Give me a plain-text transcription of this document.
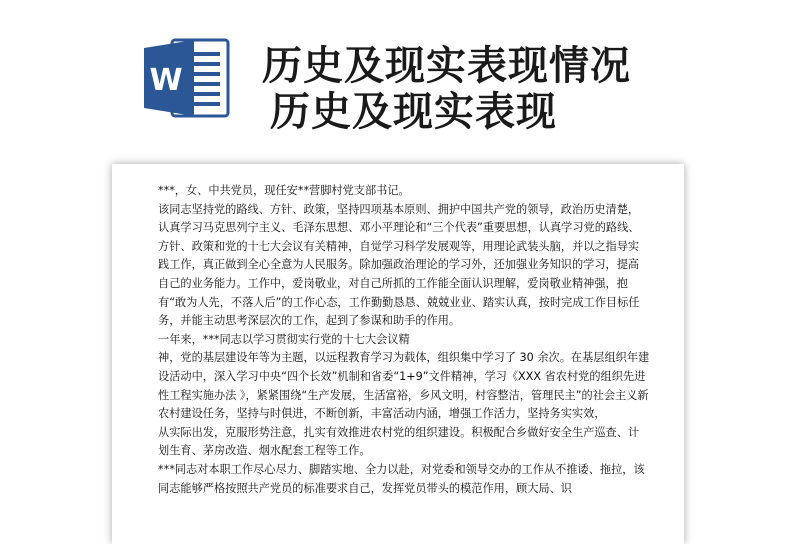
W 历史及现实表现情况
历史及现实表现

***，女、中共党员，现任安**营脚村党支部书记。

该同志坚持党的路线、方针、政策，坚持四项基本原则、拥护中国共产党的领导，政治历史清楚，认真学习马克思列宁主义、毛泽东思想、邓小平理论和“三个代表”重要思想，认真学习党的路线、方针、政策和党的十七大会议有关精神，自觉学习科学发展观等，用理论武装头脑，并以之指导实践工作，真正做到全心全意为人民服务。除加强政治理论的学习外，还加强业务知识的学习，提高自己的业务能力。工作中，爱岗敬业，对自己所抓的工作能全面认识理解，爱岗敬业精神强，抱有“敢为人先，不落人后”的工作心态，工作勤勤恳恳、兢兢业业、踏实认真，按时完成工作目标任务，并能主动思考深层次的工作，起到了参谋和助手的作用。

一年来，***同志以学习贯彻实行党的十七大会议精

神，党的基层建设年等为主题，以远程教育学习为载体，组织集中学习了 30 余次。在基层组织年建设活动中，深入学习中央“四个长效”机制和省委“1+9”文件精神，学习《XXX 省农村党的组织先进性工程实施办法 》，紧紧围绕“生产发展，生活富裕，乡风文明，村容整洁，管理民主”的社会主义新农村建设任务，坚持与时俱进，不断创新，丰富活动内涵，增强工作活力，坚持务实实效，

从实际出发，克服形势注意，扎实有效推进农村党的组织建设。积极配合乡做好安全生产巡查、计划生育、茅房改造、烟水配套工程等工作。

***同志对本职工作尽心尽力、脚踏实地、全力以赴，对党委和领导交办的工作从不推诿、拖拉，该同志能够严格按照共产党员的标准要求自己，发挥党员带头的模范作用，顾大局、识
